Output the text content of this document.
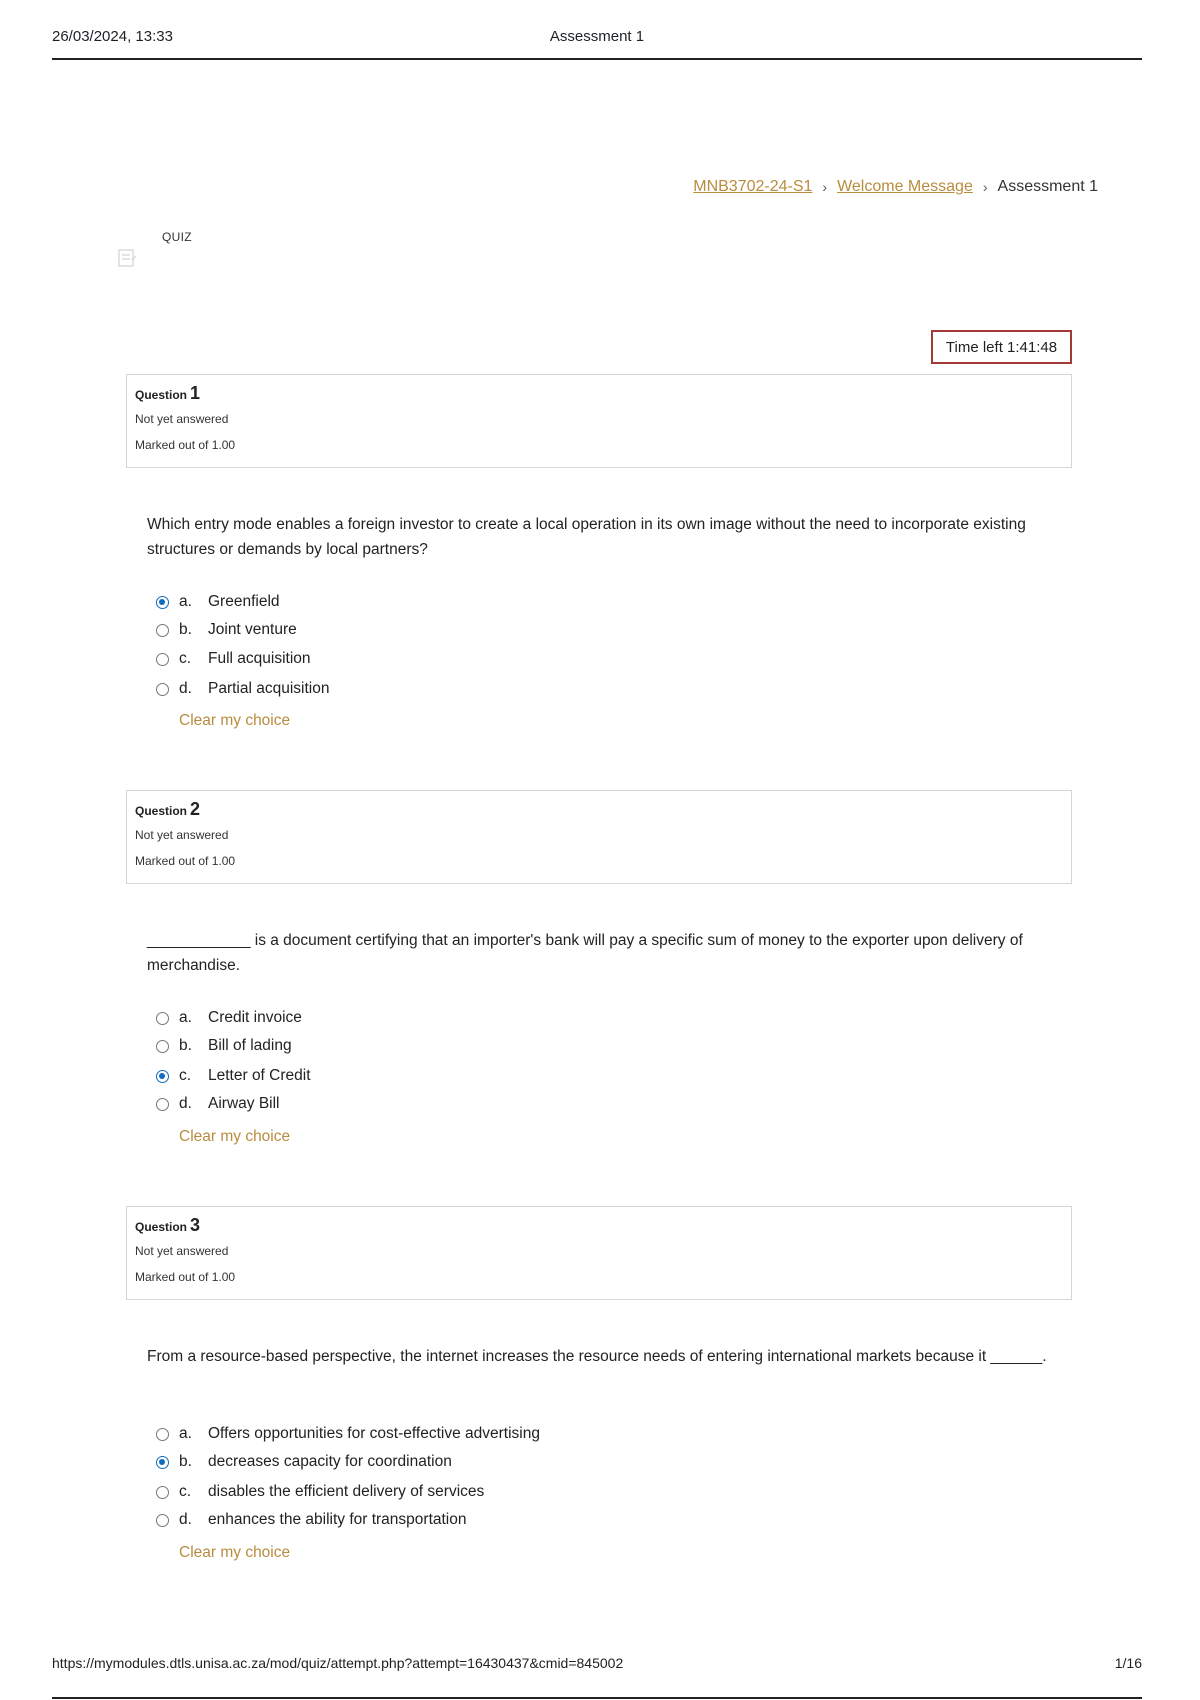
26/03/2024, 13:33	Assessment 1
MNB3702-24-S1 › Welcome Message › Assessment 1
QUIZ
Time left 1:41:48
Question 1
Not yet answered
Marked out of 1.00
Which entry mode enables a foreign investor to create a local operation in its own image without the need to incorporate existing structures or demands by local partners?
a.	Greenfield
b.	Joint venture
c.	Full acquisition
d.	Partial acquisition
Clear my choice
Question 2
Not yet answered
Marked out of 1.00
____________ is a document certifying that an importer's bank will pay a specific sum of money to the exporter upon delivery of merchandise.
a.	Credit invoice
b.	Bill of lading
c.	Letter of Credit
d.	Airway Bill
Clear my choice
Question 3
Not yet answered
Marked out of 1.00
From a resource-based perspective, the internet increases the resource needs of entering international markets because it ______.
a.	Offers opportunities for cost-effective advertising
b.	decreases capacity for coordination
c.	disables the efficient delivery of services
d.	enhances the ability for transportation
Clear my choice
https://mymodules.dtls.unisa.ac.za/mod/quiz/attempt.php?attempt=16430437&cmid=845002	1/16
